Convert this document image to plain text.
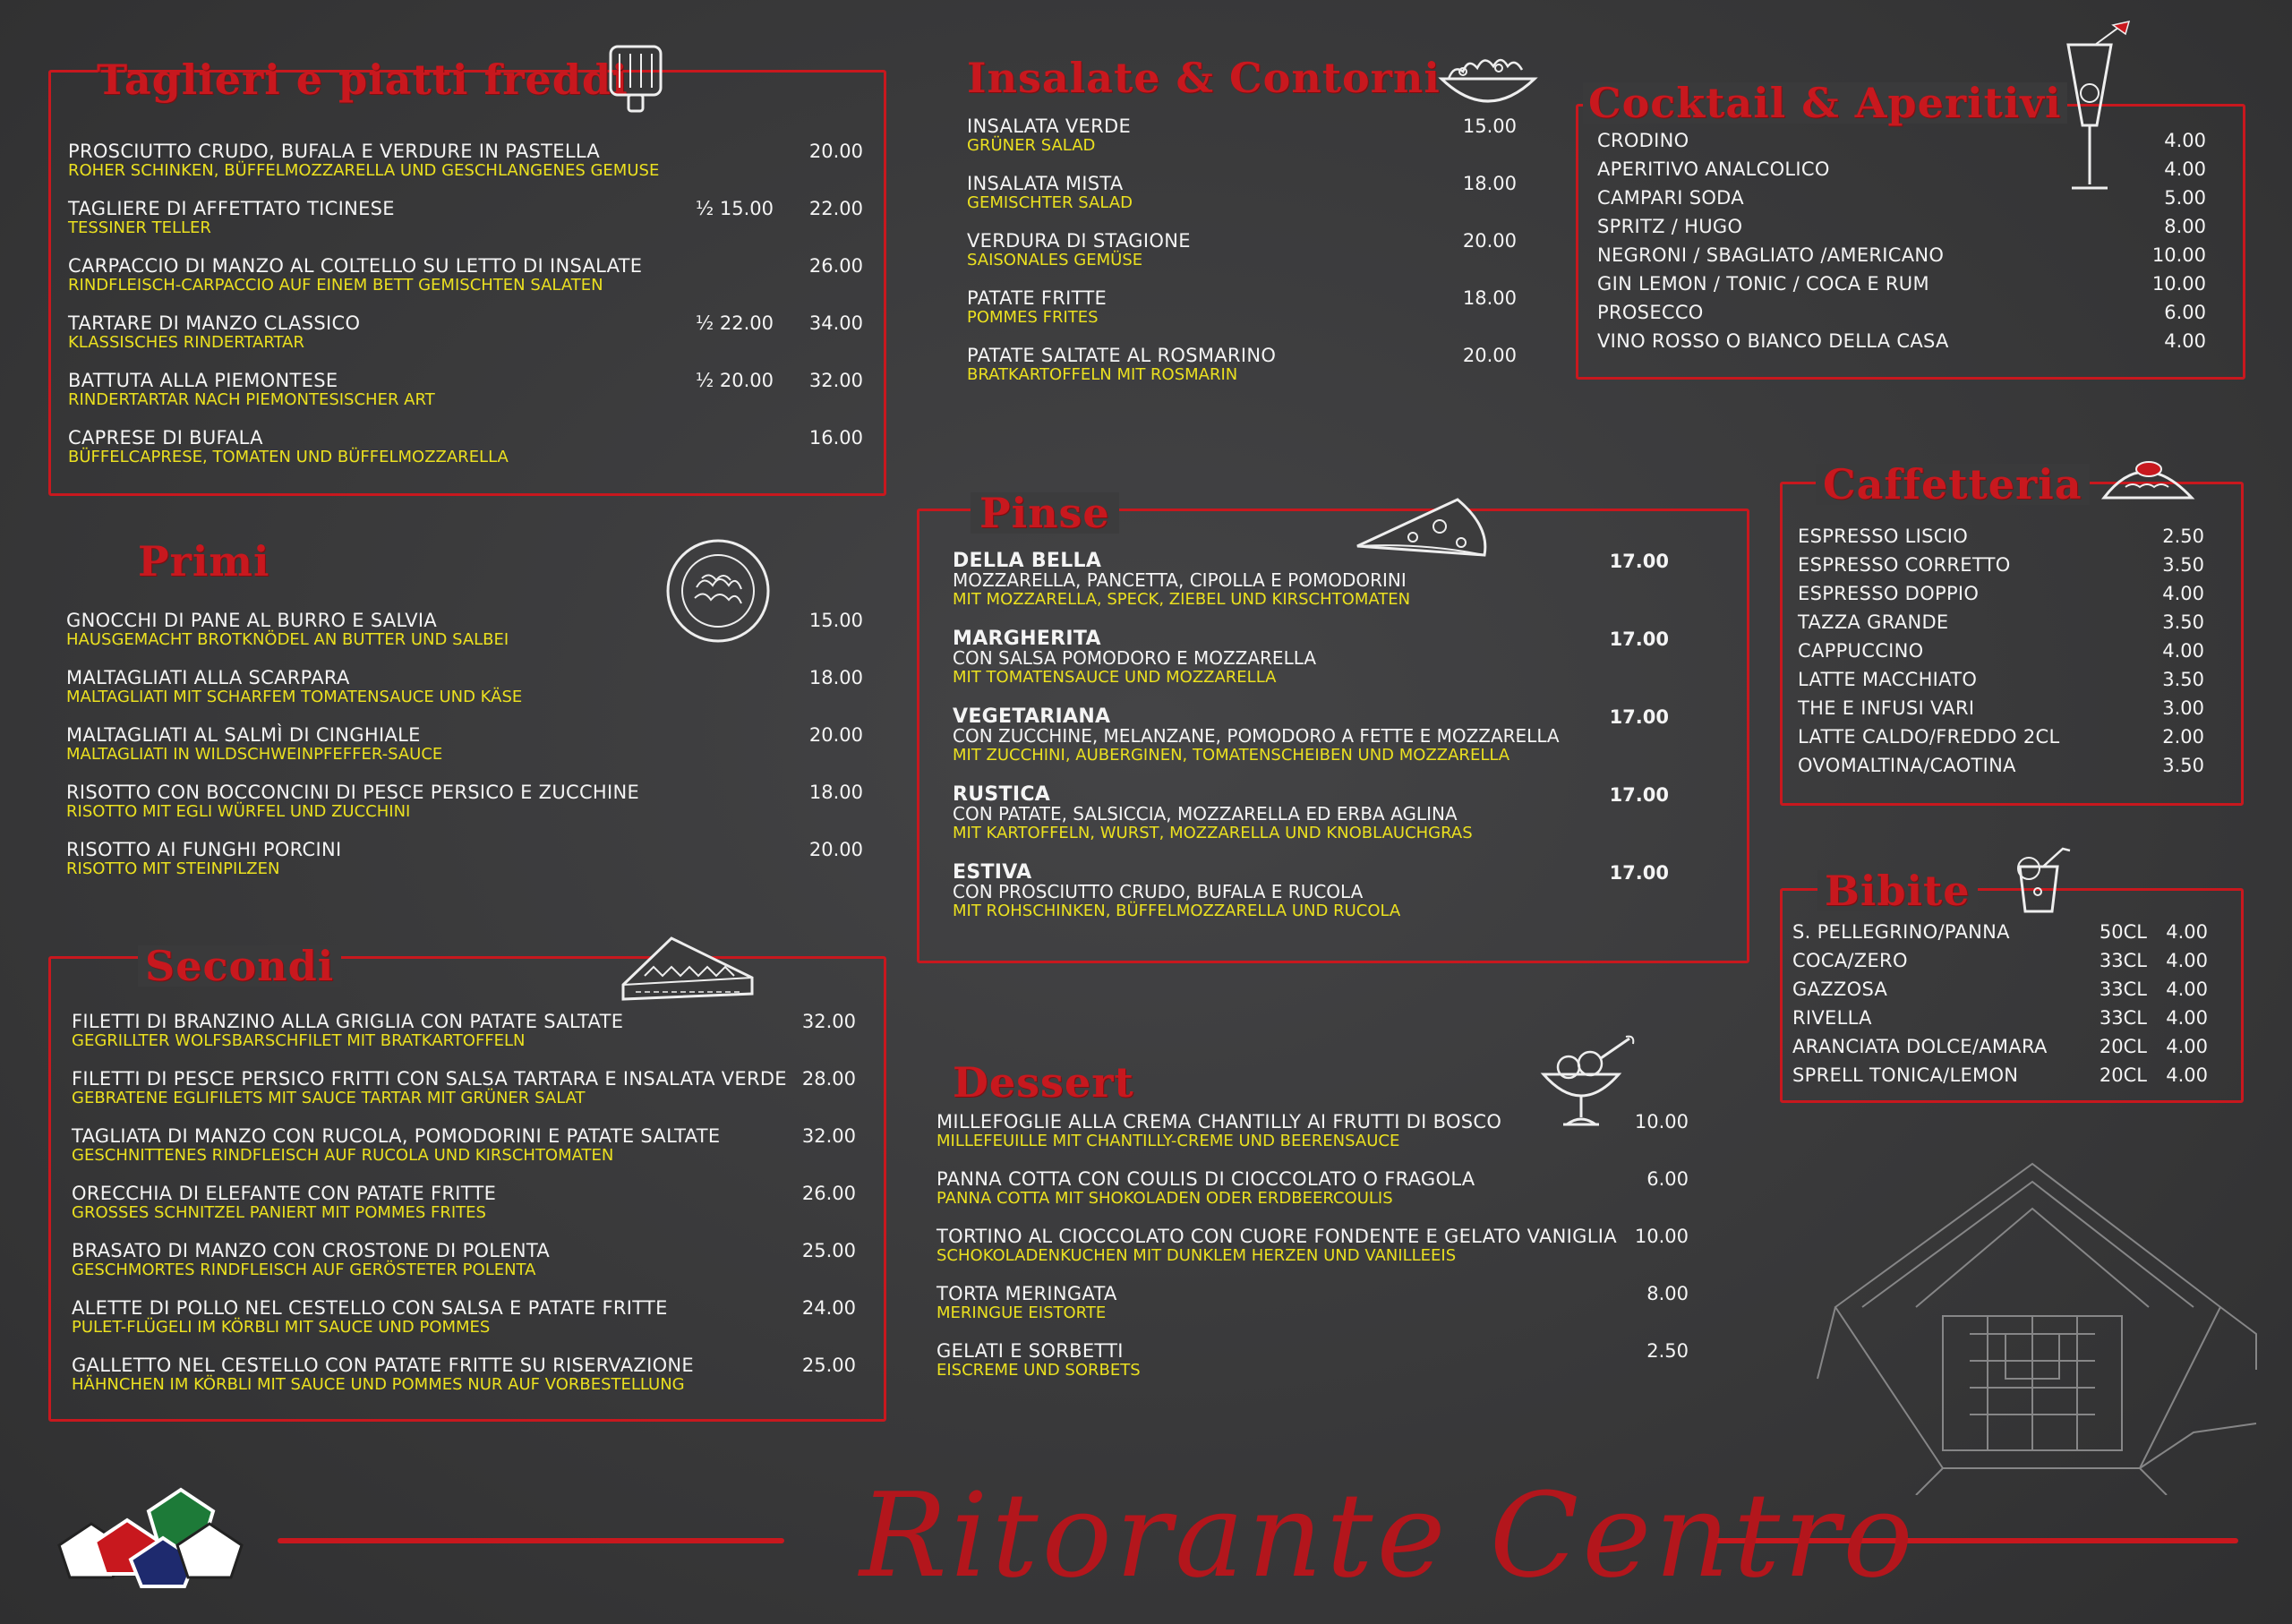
Taglieri e piatti freddi
PROSCIUTTO CRUDO, BUFALA E VERDURE IN PASTELLA
ROHER SCHINKEN, BÜFFELMOZZARELLA UND GESCHLANGENES GEMUSE
20.00
TAGLIERE DI AFFETTATO TICINESE
TESSINER TELLER
½ 15.00 22.00
CARPACCIO DI MANZO AL COLTELLO SU LETTO DI INSALATE
RINDFLEISCH-CARPACCIO AUF EINEM BETT GEMISCHTEN SALATEN
26.00
TARTARE DI MANZO CLASSICO
KLASSISCHES RINDERTARTAR
½ 22.00 34.00
BATTUTA ALLA PIEMONTESE
RINDERTARTAR NACH PIEMONTESISCHER ART
½ 20.00 32.00
CAPRESE DI BUFALA
BÜFFELCAPRESE, TOMATEN UND BÜFFELMOZZARELLA
16.00
Primi
GNOCCHI DI PANE AL BURRO E SALVIA
HAUSGEMACHT BROTKNÖDEL AN BUTTER UND SALBEI
15.00
MALTAGLIATI ALLA SCARPARA
MALTAGLIATI MIT SCHARFEM TOMATENSAUCE UND KÄSE
18.00
MALTAGLIATI AL SALMÌ DI CINGHIALE
MALTAGLIATI IN WILDSCHWEINPFEFFER-SAUCE
20.00
RISOTTO CON BOCCONCINI DI PESCE PERSICO E ZUCCHINE
RISOTTO MIT EGLI WÜRFEL UND ZUCCHINI
18.00
RISOTTO AI FUNGHI PORCINI
RISOTTO MIT STEINPILZEN
20.00
Secondi
FILETTI DI BRANZINO ALLA GRIGLIA CON PATATE SALTATE
GEGRILLTER WOLFSBARSCHFILET MIT BRATKARTOFFELN
32.00
FILETTI DI PESCE PERSICO FRITTI CON SALSA TARTARA E INSALATA VERDE
GEBRATENE EGLIFILETS MIT SAUCE TARTAR MIT GRÜNER SALAT
28.00
TAGLIATA DI MANZO CON RUCOLA, POMODORINI E PATATE SALTATE
GESCHNITTENES RINDFLEISCH AUF RUCOLA UND KIRSCHTOMATEN
32.00
ORECCHIA DI ELEFANTE CON PATATE FRITTE
GROSSES SCHNITZEL PANIERT MIT POMMES FRITES
26.00
BRASATO DI MANZO CON CROSTONE DI POLENTA
GESCHMORTES RINDFLEISCH AUF GERÖSTETER POLENTA
25.00
ALETTE DI POLLO NEL CESTELLO CON SALSA E PATATE FRITTE
PULET-FLÜGELI IM KÖRBLI MIT SAUCE UND POMMES
24.00
GALLETTO NEL CESTELLO CON PATATE FRITTE SU RISERVAZIONE
HÄHNCHEN IM KÖRBLI MIT SAUCE UND POMMES NUR AUF VORBESTELLUNG
25.00
Insalate & Contorni
INSALATA VERDE
GRÜNER SALAD
15.00
INSALATA MISTA
GEMISCHTER SALAD
18.00
VERDURA DI STAGIONE
SAISONALES GEMÜSE
20.00
PATATE FRITTE
POMMES FRITES
18.00
PATATE SALTATE AL ROSMARINO
BRATKARTOFFELN MIT ROSMARIN
20.00
Pinse
DELLA BELLA
MOZZARELLA, PANCETTA, CIPOLLA E POMODORINI
MIT MOZZARELLA, SPECK, ZIEBEL UND KIRSCHTOMATEN
17.00
MARGHERITA
CON SALSA POMODORO E MOZZARELLA
MIT TOMATENSAUCE UND MOZZARELLA
17.00
VEGETARIANA
CON ZUCCHINE, MELANZANE, POMODORO A FETTE E MOZZARELLA
MIT ZUCCHINI, AUBERGINEN, TOMATENSCHEIBEN UND MOZZARELLA
17.00
RUSTICA
CON PATATE, SALSICCIA, MOZZARELLA ED ERBA AGLINA
MIT KARTOFFELN, WURST, MOZZARELLA UND KNOBLAUCHGRAS
17.00
ESTIVA
CON PROSCIUTTO CRUDO, BUFALA E RUCOLA
MIT ROHSCHINKEN, BÜFFELMOZZARELLA UND RUCOLA
17.00
Dessert
MILLEFOGLIE ALLA CREMA CHANTILLY AI FRUTTI DI BOSCO
MILLEFEUILLE MIT CHANTILLY-CREME UND BEERENSAUCE
10.00
PANNA COTTA CON COULIS DI CIOCCOLATO O FRAGOLA
PANNA COTTA MIT SHOKOLADEN ODER ERDBEERCOULIS
6.00
TORTINO AL CIOCCOLATO CON CUORE FONDENTE E GELATO VANIGLIA
SCHOKOLADENKUCHEN MIT DUNKLEM HERZEN UND VANILLEEIS
10.00
TORTA MERINGATA
MERINGUE EISTORTE
8.00
GELATI E SORBETTI
EISCREME UND SORBETS
2.50
Cocktail & Aperitivi
CRODINO	4.00
APERITIVO ANALCOLICO	4.00
CAMPARI SODA	5.00
SPRITZ / HUGO	8.00
NEGRONI / SBAGLIATO /AMERICANO	10.00
GIN LEMON / TONIC / COCA E RUM	10.00
PROSECCO	6.00
VINO ROSSO O BIANCO DELLA CASA	4.00
Caffetteria
ESPRESSO LISCIO	2.50
ESPRESSO CORRETTO	3.50
ESPRESSO DOPPIO	4.00
TAZZA GRANDE	3.50
CAPPUCCINO	4.00
LATTE MACCHIATO	3.50
THE E INFUSI VARI	3.00
LATTE CALDO/FREDDO 2CL	2.00
OVOMALTINA/CAOTINA	3.50
Bibite
S. PELLEGRINO/PANNA	50CL 4.00
COCA/ZERO	33CL 4.00
GAZZOSA	33CL 4.00
RIVELLA	33CL 4.00
ARANCIATA DOLCE/AMARA	20CL 4.00
SPRELL TONICA/LEMON	20CL 4.00
Ritorante Centro
